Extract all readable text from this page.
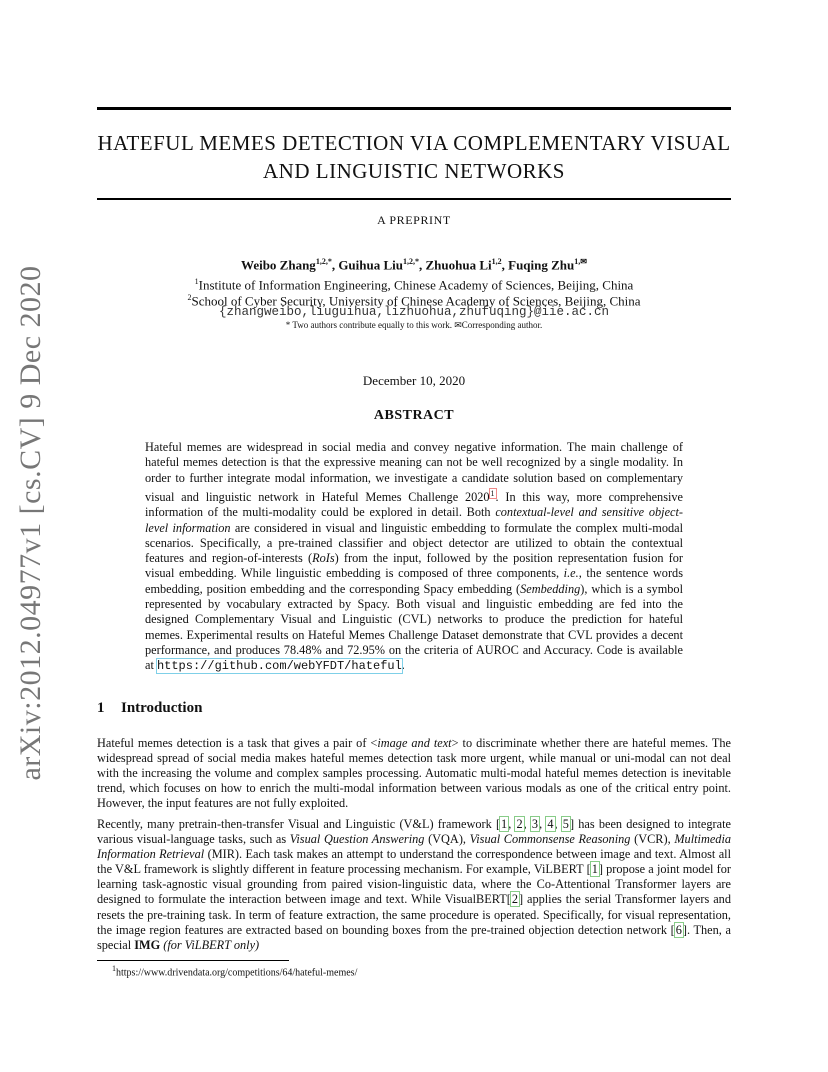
arXiv:2012.04977v1 [cs.CV] 9 Dec 2020
HATEFUL MEMES DETECTION VIA COMPLEMENTARY VISUAL
AND LINGUISTIC NETWORKS
A PREPRINT
Weibo Zhang$^{1,2,*}$, Guihua Liu$^{1,2,*}$, Zhuohua Li$^{1,2}$, Fuqing Zhu$^{1,✉}$
$^1$Institute of Information Engineering, Chinese Academy of Sciences, Beijing, China
$^2$School of Cyber Security, University of Chinese Academy of Sciences, Beijing, China
{zhangweibo,liuguihua,lizhuohua,zhufuqing}@iie.ac.cn
* Two authors contribute equally to this work. ✉Corresponding author.
December 10, 2020
ABSTRACT
Hateful memes are widespread in social media and convey negative information. The main challenge of hateful memes detection is that the expressive meaning can not be well recognized by a single modality. In order to further integrate modal information, we investigate a candidate solution based on complementary visual and linguistic network in Hateful Memes Challenge 2020$^1$. In this way, more comprehensive information of the multi-modality could be explored in detail. Both contextual-level and sensitive object-level information are considered in visual and linguistic embedding to formulate the complex multi-modal scenarios. Specifically, a pre-trained classifier and object detector are utilized to obtain the contextual features and region-of-interests (RoIs) from the input, followed by the position representation fusion for visual embedding. While linguistic embedding is composed of three components, i.e., the sentence words embedding, position embedding and the corresponding Spacy embedding (Sembedding), which is a symbol represented by vocabulary extracted by Spacy. Both visual and linguistic embedding are fed into the designed Complementary Visual and Linguistic (CVL) networks to produce the prediction for hateful memes. Experimental results on Hateful Memes Challenge Dataset demonstrate that CVL provides a decent performance, and produces 78.48% and 72.95% on the criteria of AUROC and Accuracy. Code is available at https://github.com/webYFDT/hateful.
1 Introduction
Hateful memes detection is a task that gives a pair of <image and text> to discriminate whether there are hateful memes. The widespread spread of social media makes hateful memes detection task more urgent, while manual or uni-modal can not deal with the increasing the volume and complex samples processing. Automatic multi-modal hateful memes detection is inevitable trend, which focuses on how to enrich the multi-modal information between various modals as one of the critical entry point. However, the input features are not fully exploited.
Recently, many pretrain-then-transfer Visual and Linguistic (V&L) framework [1, 2, 3, 4, 5] has been designed to integrate various visual-language tasks, such as Visual Question Answering (VQA), Visual Commonsense Reasoning (VCR), Multimedia Information Retrieval (MIR). Each task makes an attempt to understand the correspondence between image and text. Almost all the V&L framework is slightly different in feature processing mechanism. For example, ViLBERT [1] propose a joint model for learning task-agnostic visual grounding from paired vision-linguistic data, where the Co-Attentional Transformer layers are designed to formulate the interaction between image and text. While VisualBERT[2] applies the serial Transformer layers and resets the pre-training task. In term of feature extraction, the same procedure is operated. Specifically, for visual representation, the image region features are extracted based on bounding boxes from the pre-trained objection detection network [6]. Then, a special IMG (for ViLBERT only)
$^1$https://www.drivendata.org/competitions/64/hateful-memes/
